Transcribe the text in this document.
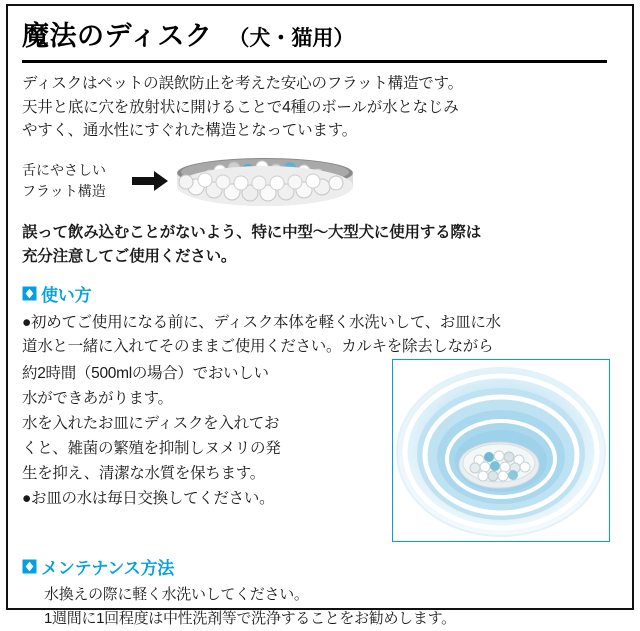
魔法のディスク （犬・猫用）
ディスクはペットの誤飲防止を考えた安心のフラット構造です。
天井と底に穴を放射状に開けることで4種のボールが水となじみ
やすく、通水性にすぐれた構造となっています。
舌にやさしい
フラット構造
誤って飲み込むことがないよう、特に中型〜大型犬に使用する際は
充分注意してご使用ください。
使い方
●初めてご使用になる前に、ディスク本体を軽く水洗いして、お皿に水
道水と一緒に入れてそのままご使用ください。カルキを除去しながら
約2時間（500mlの場合）でおいしい
水ができあがります。
水を入れたお皿にディスクを入れてお
くと、雑菌の繁殖を抑制しヌメリの発
生を抑え、清潔な水質を保ちます。
●お皿の水は毎日交換してください。
メンテナンス方法
水換えの際に軽く水洗いしてください。
1週間に1回程度は中性洗剤等で洗浄することをお勧めします。
